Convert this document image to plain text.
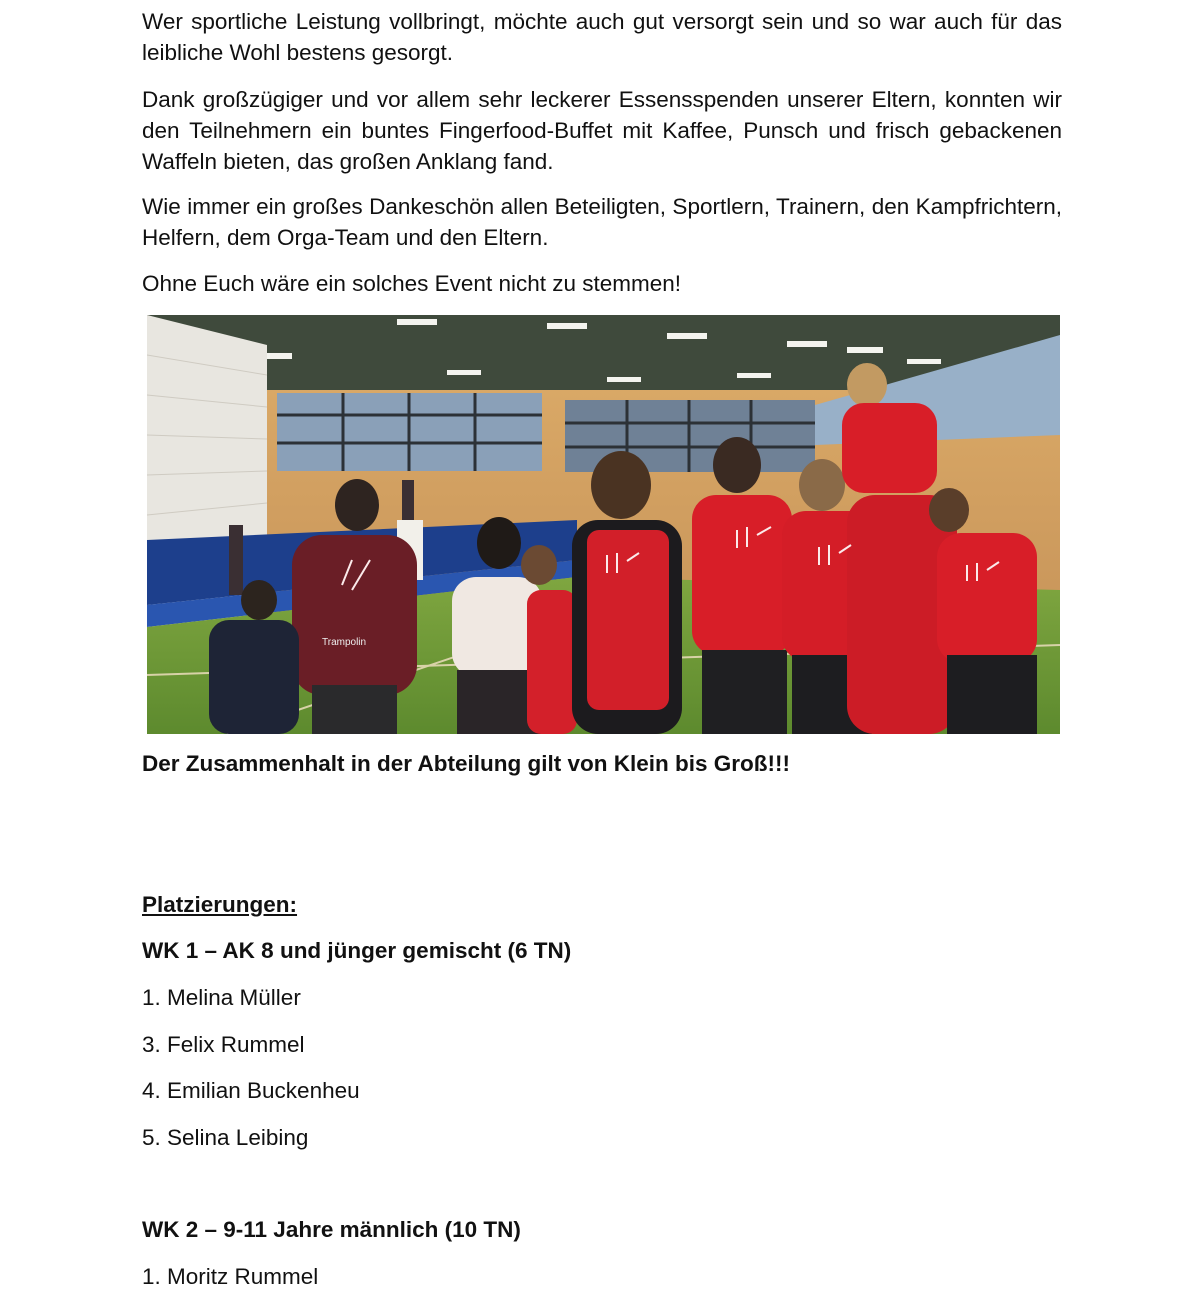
Wer sportliche Leistung vollbringt, möchte auch gut versorgt sein und so war auch für das leibliche Wohl bestens gesorgt.

Dank großzügiger und vor allem sehr leckerer Essensspenden unserer Eltern, konnten wir den Teilnehmern ein buntes Fingerfood-Buffet mit Kaffee, Punsch und frisch gebackenen Waffeln bieten, das großen Anklang fand.

Wie immer ein großes Dankeschön allen Beteiligten, Sportlern, Trainern, den Kampfrichtern, Helfern, dem Orga-Team und den Eltern.

Ohne Euch wäre ein solches Event nicht zu stemmen!

Trampolin

Der Zusammenhalt in der Abteilung gilt von Klein bis Groß!!!

Platzierungen:

WK 1 – AK 8 und jünger gemischt (6 TN)

1. Melina Müller

3. Felix Rummel

4. Emilian Buckenheu

5. Selina Leibing

WK 2 – 9-11 Jahre männlich (10 TN)

1. Moritz Rummel
